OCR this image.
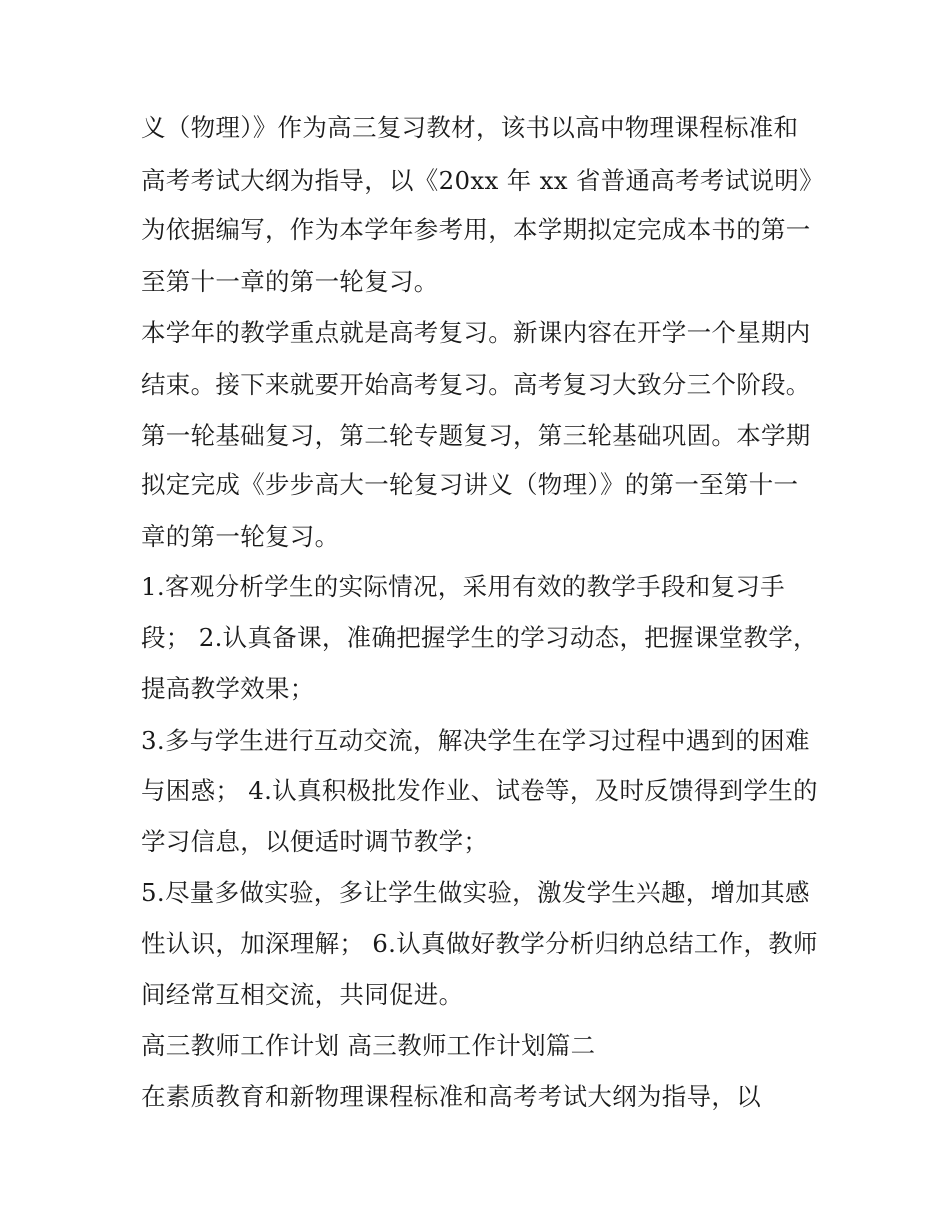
义（物理）》作为高三复习教材，该书以高中物理课程标准和
高考考试大纲为指导，以《20xx 年 xx 省普通高考考试说明》
为依据编写，作为本学年参考用，本学期拟定完成本书的第一
至第十一章的第一轮复习。
本学年的教学重点就是高考复习。新课内容在开学一个星期内
结束。接下来就要开始高考复习。高考复习大致分三个阶段。
第一轮基础复习，第二轮专题复习，第三轮基础巩固。本学期
拟定完成《步步高大一轮复习讲义（物理）》的第一至第十一
章的第一轮复习。
1.客观分析学生的实际情况，采用有效的教学手段和复习手
段； 2.认真备课，准确把握学生的学习动态，把握课堂教学，
提高教学效果；
3.多与学生进行互动交流，解决学生在学习过程中遇到的困难
与困惑； 4.认真积极批发作业、试卷等，及时反馈得到学生的
学习信息，以便适时调节教学；
5.尽量多做实验，多让学生做实验，激发学生兴趣，增加其感
性认识，加深理解； 6.认真做好教学分析归纳总结工作，教师
间经常互相交流，共同促进。
高三教师工作计划 高三教师工作计划篇二
在素质教育和新物理课程标准和高考考试大纲为指导，以
